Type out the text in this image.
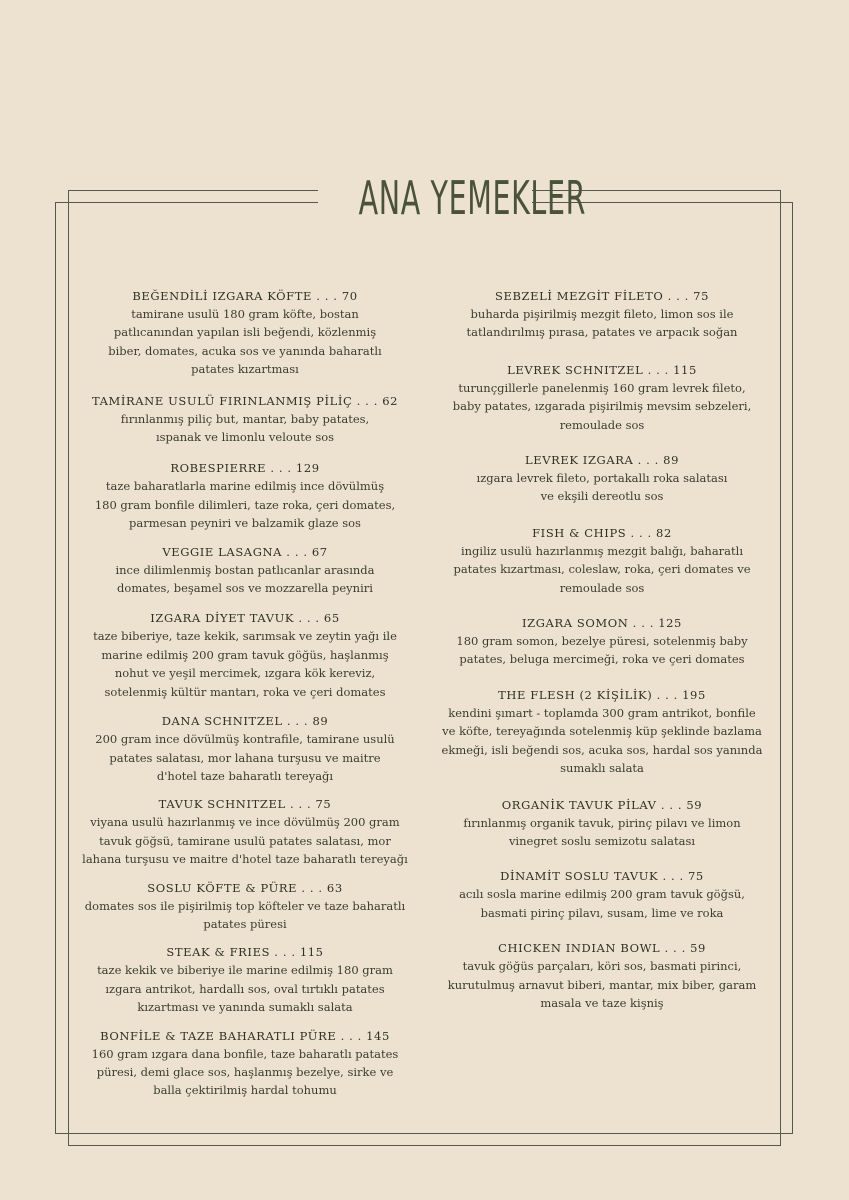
ANA YEMEKLER
BEĞENDİLİ IZGARA KÖFTE . . . 70
tamirane usulü 180 gram köfte, bostan
patlıcanından yapılan isli beğendi, közlenmiş
biber, domates, acuka sos ve yanında baharatlı
patates kızartması
TAMİRANE USULÜ FIRINLANMIŞ PİLİÇ . . . 62
fırınlanmış piliç but, mantar, baby patates,
ıspanak ve limonlu veloute sos
ROBESPIERRE . . . 129
taze baharatlarla marine edilmiş ince dövülmüş
180 gram bonfile dilimleri, taze roka, çeri domates,
parmesan peyniri ve balzamik glaze sos
VEGGIE LASAGNA . . . 67
ince dilimlenmiş bostan patlıcanlar arasında
domates, beşamel sos ve mozzarella peyniri
IZGARA DİYET TAVUK . . . 65
taze biberiye, taze kekik, sarımsak ve zeytin yağı ile
marine edilmiş 200 gram tavuk göğüs, haşlanmış
nohut ve yeşil mercimek, ızgara kök kereviz,
sotelenmiş kültür mantarı, roka ve çeri domates
DANA SCHNITZEL . . . 89
200 gram ince dövülmüş kontrafile, tamirane usulü
patates salatası, mor lahana turşusu ve maitre
d'hotel taze baharatlı tereyağı
TAVUK SCHNITZEL . . . 75
viyana usulü hazırlanmış ve ince dövülmüş 200 gram
tavuk göğsü, tamirane usulü patates salatası, mor
lahana turşusu ve maitre d'hotel taze baharatlı tereyağı
SOSLU KÖFTE & PÜRE . . . 63
domates sos ile pişirilmiş top köfteler ve taze baharatlı
patates püresi
STEAK & FRIES . . . 115
taze kekik ve biberiye ile marine edilmiş 180 gram
ızgara antrikot, hardallı sos, oval tırtıklı patates
kızartması ve yanında sumaklı salata
BONFİLE & TAZE BAHARATLI PÜRE . . . 145
160 gram ızgara dana bonfile, taze baharatlı patates
püresi, demi glace sos, haşlanmış bezelye, sirke ve
balla çektirilmiş hardal tohumu
SEBZELİ MEZGİT FİLETO . . . 75
buharda pişirilmiş mezgit fileto, limon sos ile
tatlandırılmış pırasa, patates ve arpacık soğan
LEVREK SCHNITZEL . . . 115
turunçgillerle panelenmiş 160 gram levrek fileto,
baby patates, ızgarada pişirilmiş mevsim sebzeleri,
remoulade sos
LEVREK IZGARA . . . 89
ızgara levrek fileto, portakallı roka salatası
ve ekşili dereotlu sos
FISH & CHIPS . . . 82
ingiliz usulü hazırlanmış mezgit balığı, baharatlı
patates kızartması, coleslaw, roka, çeri domates ve
remoulade sos
IZGARA SOMON . . . 125
180 gram somon, bezelye püresi, sotelenmiş baby
patates, beluga mercimeği, roka ve çeri domates
THE FLESH (2 KİŞİLİK) . . . 195
kendini şımart - toplamda 300 gram antrikot, bonfile
ve köfte, tereyağında sotelenmiş küp şeklinde bazlama
ekmeği, isli beğendi sos, acuka sos, hardal sos yanında
sumaklı salata
ORGANİK TAVUK PİLAV . . . 59
fırınlanmış organik tavuk, pirinç pilavı ve limon
vinegret soslu semizotu salatası
DİNAMİT SOSLU TAVUK . . . 75
acılı sosla marine edilmiş 200 gram tavuk göğsü,
basmati pirinç pilavı, susam, lime ve roka
CHICKEN INDIAN BOWL . . . 59
tavuk göğüs parçaları, köri sos, basmati pirinci,
kurutulmuş arnavut biberi, mantar, mix biber, garam
masala ve taze kişniş
